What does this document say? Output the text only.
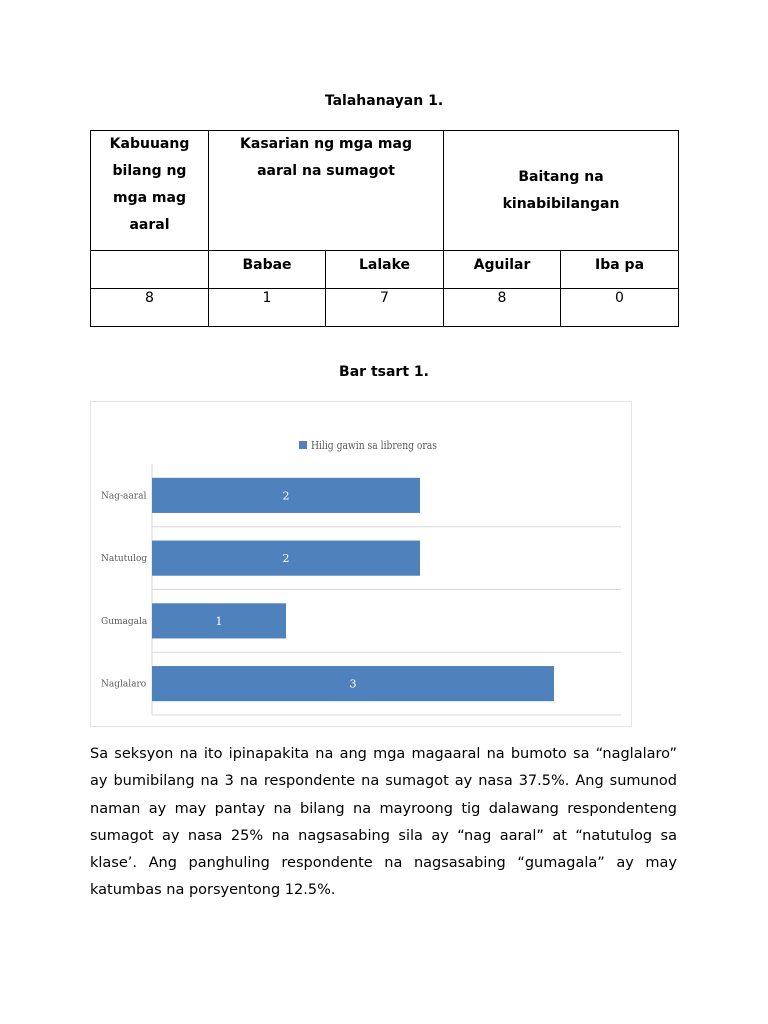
Talahanayan 1.
Kabuuang bilang ng mga mag aaral	Kasarian ng mga mag aaral na sumagot		Baitang na kinabibilangan	
	Babae	Lalake	Aguilar	Iba pa
8	1	7	8	0
Bar tsart 1.
Hilig gawin sa libreng oras
2
Nag-aaral
2
Natutulog
1
Gumagala
3
Naglalaro

Sa seksyon na ito ipinapakita na ang mga magaaral na bumoto sa “naglalaro” ay bumibilang na 3 na respondente na sumagot ay nasa 37.5%. Ang sumunod naman ay may pantay na bilang na mayroong tig dalawang respondenteng sumagot ay nasa 25% na nagsasabing sila ay “nag aaral” at “natutulog sa klase’. Ang panghuling respondente na nagsasabing “gumagala” ay may katumbas na porsyentong 12.5%.
